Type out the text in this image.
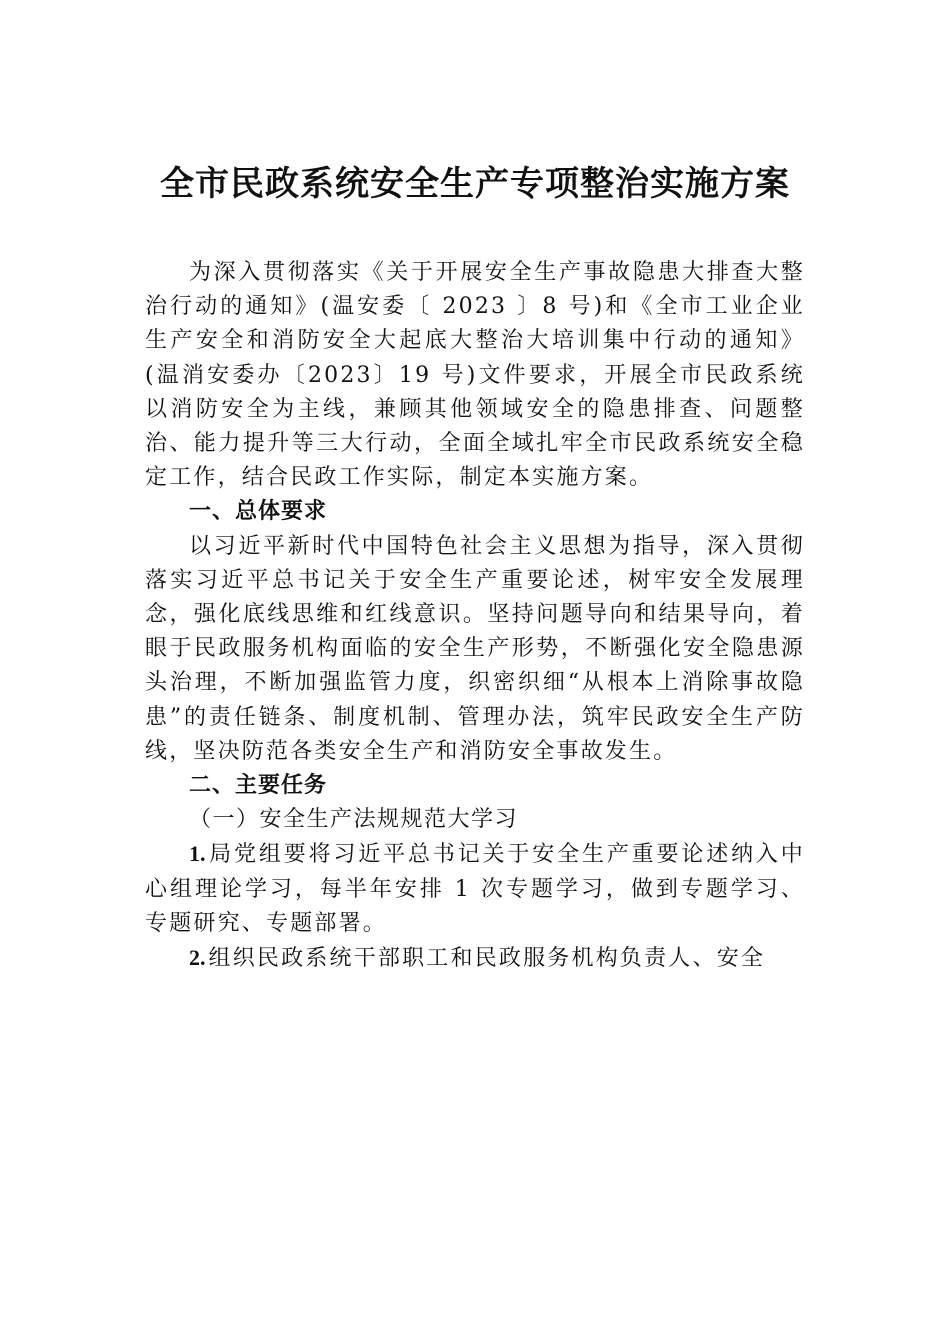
全市民政系统安全生产专项整治实施方案

为深入贯彻落实《关于开展安全生产事故隐患大排查大整治行动的通知》(温安委〔 2023 〕8 号)和《全市工业企业生产安全和消防安全大起底大整治大培训集中行动的通知》(温消安委办〔2023〕19 号)文件要求，开展全市民政系统以消防安全为主线，兼顾其他领域安全的隐患排查、问题整治、能力提升等三大行动，全面全域扎牢全市民政系统安全稳定工作，结合民政工作实际，制定本实施方案。

一、总体要求

以习近平新时代中国特色社会主义思想为指导，深入贯彻落实习近平总书记关于安全生产重要论述，树牢安全发展理念，强化底线思维和红线意识。坚持问题导向和结果导向，着眼于民政服务机构面临的安全生产形势，不断强化安全隐患源头治理，不断加强监管力度，织密织细“从根本上消除事故隐患”的责任链条、制度机制、管理办法，筑牢民政安全生产防线，坚决防范各类安全生产和消防安全事故发生。

二、主要任务

（一）安全生产法规规范大学习

1. 局党组要将习近平总书记关于安全生产重要论述纳入中心组理论学习，每半年安排 1 次专题学习，做到专题学习、专题研究、专题部署。

2. 组织民政系统干部职工和民政服务机构负责人、安全
